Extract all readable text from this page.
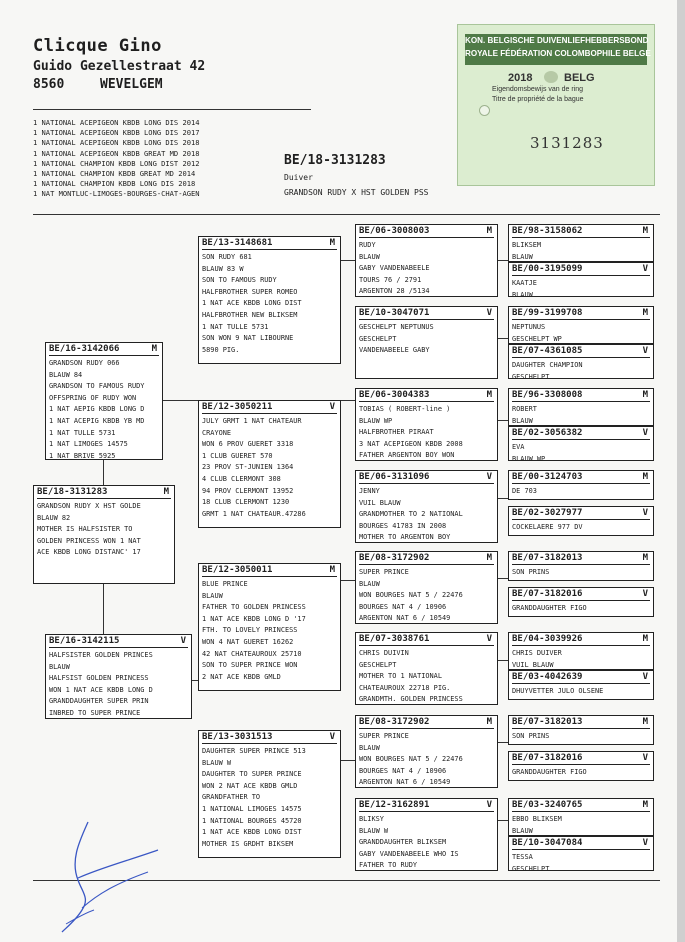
Clicque Gino
Guido Gezellestraat 42
8560	WEVELGEM
1 NATIONAL ACEPIGEON KBDB LONG DIS 2014
1 NATIONAL ACEPIGEON KBDB LONG DIS 2017
1 NATIONAL ACEPIGEON KBDB LONG DIS 2018
1 NATIONAL ACEPIGEON KBDB GREAT MD 2018
1 NATIONAL CHAMPION KBDB LONG DIST 2012
1 NATIONAL CHAMPION KBDB GREAT MD 2014
1 NATIONAL CHAMPION KBDB LONG DIS 2018
1 NAT MONTLUC-LIMOGES-BOURGES-CHAT-AGEN
BE/18-3131283
Duiver
GRANDSON RUDY X HST GOLDEN PSS
KON. BELGISCHE DUIVENLIEFHEBBERSBOND
ROYALE FÉDÉRATION COLOMBOPHILE BELGE
2018	BELG
Eigendomsbewijs van de ring
Titre de propriété de la bague
3131283
BE/18-3131283	M
GRANDSON RUDY X HST GOLDE
BLAUW 82
MOTHER IS HALFSISTER TO
GOLDEN PRINCESS WON 1 NAT
ACE KBDB LONG DISTANC' 17
BE/16-3142066	M
GRANDSON RUDY 066
BLAUW 84
GRANDSON TO FAMOUS RUDY
OFFSPRING OF RUDY WON
1 NAT AEPIG KBDB LONG D
1 NAT ACEPIG KBDB YB MD
1 NAT TULLE 5731
1 NAT LIMOGES 14575
1 NAT BRIVE 5925
BE/16-3142115	V
HALFSISTER GOLDEN PRINCES
BLAUW
HALFSIST GOLDEN PRINCESS
WON 1 NAT ACE KBDB LONG D
GRANDDAUGHTER SUPER PRIN
INBRED TO SUPER PRINCE
BE/13-3148681	M
SON RUDY 681
BLAUW 83 W
SON TO FAMOUS RUDY
HALFBROTHER SUPER ROMEO
1 NAT ACE KBDB LONG DIST
HALFBROTHER NEW BLIKSEM
1 NAT TULLE 5731
SON WON 9 NAT LIBOURNE
5890 PIG.
BE/12-3050211	V
JULY GRMT 1 NAT CHATEAUR
CRAYONE
WON 6 PROV GUERET 3318
1 CLUB GUERET 570
23 PROV ST-JUNIEN 1364
4 CLUB CLERMONT 308
94 PROV CLERMONT 13952
18 CLUB CLERMONT 1230
GRMT 1 NAT CHATEAUR.47286
BE/12-3050011	M
BLUE PRINCE
BLAUW
FATHER TO GOLDEN PRINCESS
1 NAT ACE KBDB LONG D '17
FTH. TO LOVELY PRINCESS
WON 4 NAT GUERET 16262
42 NAT CHATEAUROUX 25710
SON TO SUPER PRINCE WON
2 NAT ACE KBDB GMLD
BE/13-3031513	V
DAUGHTER SUPER PRINCE 513
BLAUW W
DAUGHTER TO SUPER PRINCE
WON 2 NAT ACE KBDB GMLD
GRANDFATHER TO
1 NATIONAL LIMOGES 14575
1 NATIONAL BOURGES 45720
1 NAT ACE KBDB LONG DIST
MOTHER IS GRDHT BIKSEM
BE/06-3008003	M
RUDY
BLAUW
GABY VANDENABEELE
TOURS 76 / 2791
ARGENTON 28 /5134
BE/10-3047071	V
GESCHELPT NEPTUNUS
GESCHELPT
VANDENABEELE GABY
BE/06-3004383	M
TOBIAS ( ROBERT-line )
BLAUW WP
HALFBROTHER PIRAAT
3 NAT ACEPIGEON KBDB 2008
FATHER ARGENTON BOY WON
BE/06-3131096	V
JENNY
VUIL BLAUW
GRANDMOTHER TO 2 NATIONAL
BOURGES 41783 IN 2008
MOTHER TO ARGENTON BOY
BE/08-3172902	M
SUPER PRINCE
BLAUW
WON BOURGES NAT 5 / 22476
BOURGES NAT 4 / 10906
ARGENTON NAT 6 / 10549
BE/07-3038761	V
CHRIS DUIVIN
GESCHELPT
MOTHER TO 1 NATIONAL
CHATEAUROUX 22718 PIG.
GRANDMTH. GOLDEN PRINCESS
BE/08-3172902	M
SUPER PRINCE
BLAUW
WON BOURGES NAT 5 / 22476
BOURGES NAT 4 / 10906
ARGENTON NAT 6 / 10549
BE/12-3162891	V
BLIKSY
BLAUW W
GRANDDAUGHTER BLIKSEM
GABY VANDENABEELE WHO IS
FATHER TO RUDY
BE/98-3158062	M
BLIKSEM
BLAUW
BE/00-3195099	V
KAATJE
BLAUW
BE/99-3199708	M
NEPTUNUS
GESCHELPT WP
BE/07-4361085	V
DAUGHTER CHAMPION
GESCHELPT
BE/96-3308008	M
ROBERT
BLAUW
BE/02-3056382	V
EVA
BLAUW WP
BE/00-3124703	M
DE 703
BE/02-3027977	V
COCKELAERE 977 DV
BE/07-3182013	M
SON PRINS
BE/07-3182016	V
GRANDDAUGHTER FIGO
BE/04-3039926	M
CHRIS DUIVER
VUIL BLAUW
BE/03-4042639	V
DHUYVETTER JULO OLSENE
BE/07-3182013	M
SON PRINS
BE/07-3182016	V
GRANDDAUGHTER FIGO
BE/03-3240765	M
EBBO BLIKSEM
BLAUW
BE/10-3047084	V
TESSA
GESCHELPT
